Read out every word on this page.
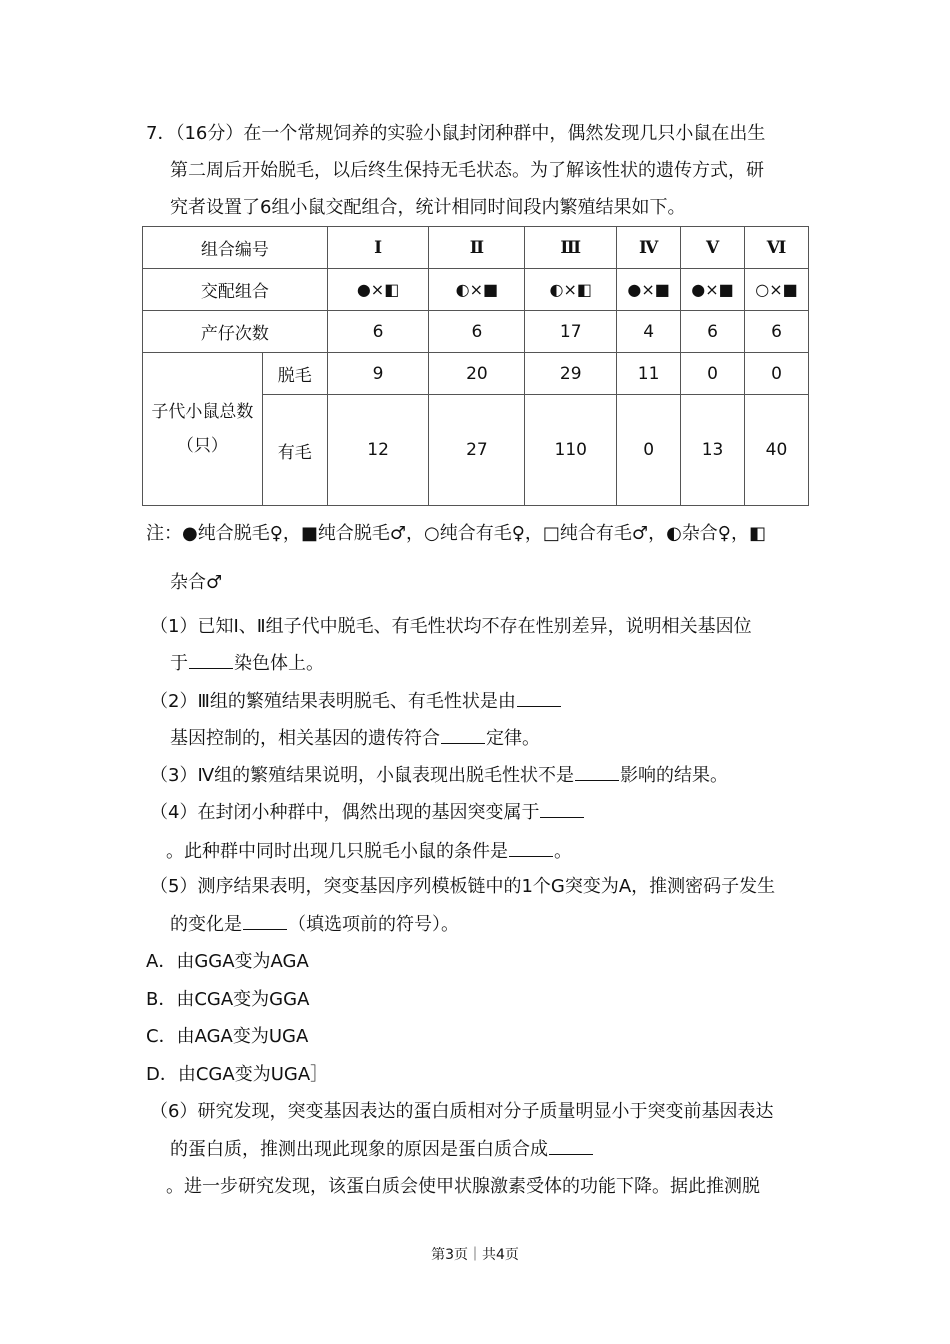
7．（16分）在一个常规饲养的实验小鼠封闭种群中，偶然发现几只小鼠在出生
第二周后开始脱毛，以后终生保持无毛状态。为了解该性状的遗传方式，研
究者设置了6组小鼠交配组合，统计相同时间段内繁殖结果如下。
组合编号		Ⅰ	Ⅱ	Ⅲ	Ⅳ	Ⅴ	Ⅵ
交配组合		●×◧	◐×■	◐×◧	●×■	●×■	○×■
产仔次数		6	6	17	4	6	6
子代小鼠总数（只）	脱毛	9	20	29	11	0	0
	有毛	12	27	110	0	13	40
注：●纯合脱毛♀，■纯合脱毛♂，○纯合有毛♀，□纯合有毛♂，◐杂合♀，◧
杂合♂
（1）已知Ⅰ、Ⅱ组子代中脱毛、有毛性状均不存在性别差异，说明相关基因位
于	染色体上。
（2）Ⅲ组的繁殖结果表明脱毛、有毛性状是由
基因控制的，相关基因的遗传符合	定律。
（3）Ⅳ组的繁殖结果说明，小鼠表现出脱毛性状不是	影响的结果。
（4）在封闭小种群中，偶然出现的基因突变属于
。此种群中同时出现几只脱毛小鼠的条件是	。
（5）测序结果表明，突变基因序列模板链中的1个G突变为A，推测密码子发生
的变化是	（填选项前的符号）。
A．由GGA变为AGA
B．由CGA变为GGA
C．由AGA变为UGA
D．由CGA变为UGA］
（6）研究发现，突变基因表达的蛋白质相对分子质量明显小于突变前基因表达
的蛋白质，推测出现此现象的原因是蛋白质合成
。进一步研究发现，该蛋白质会使甲状腺激素受体的功能下降。据此推测脱
第3页｜共4页
